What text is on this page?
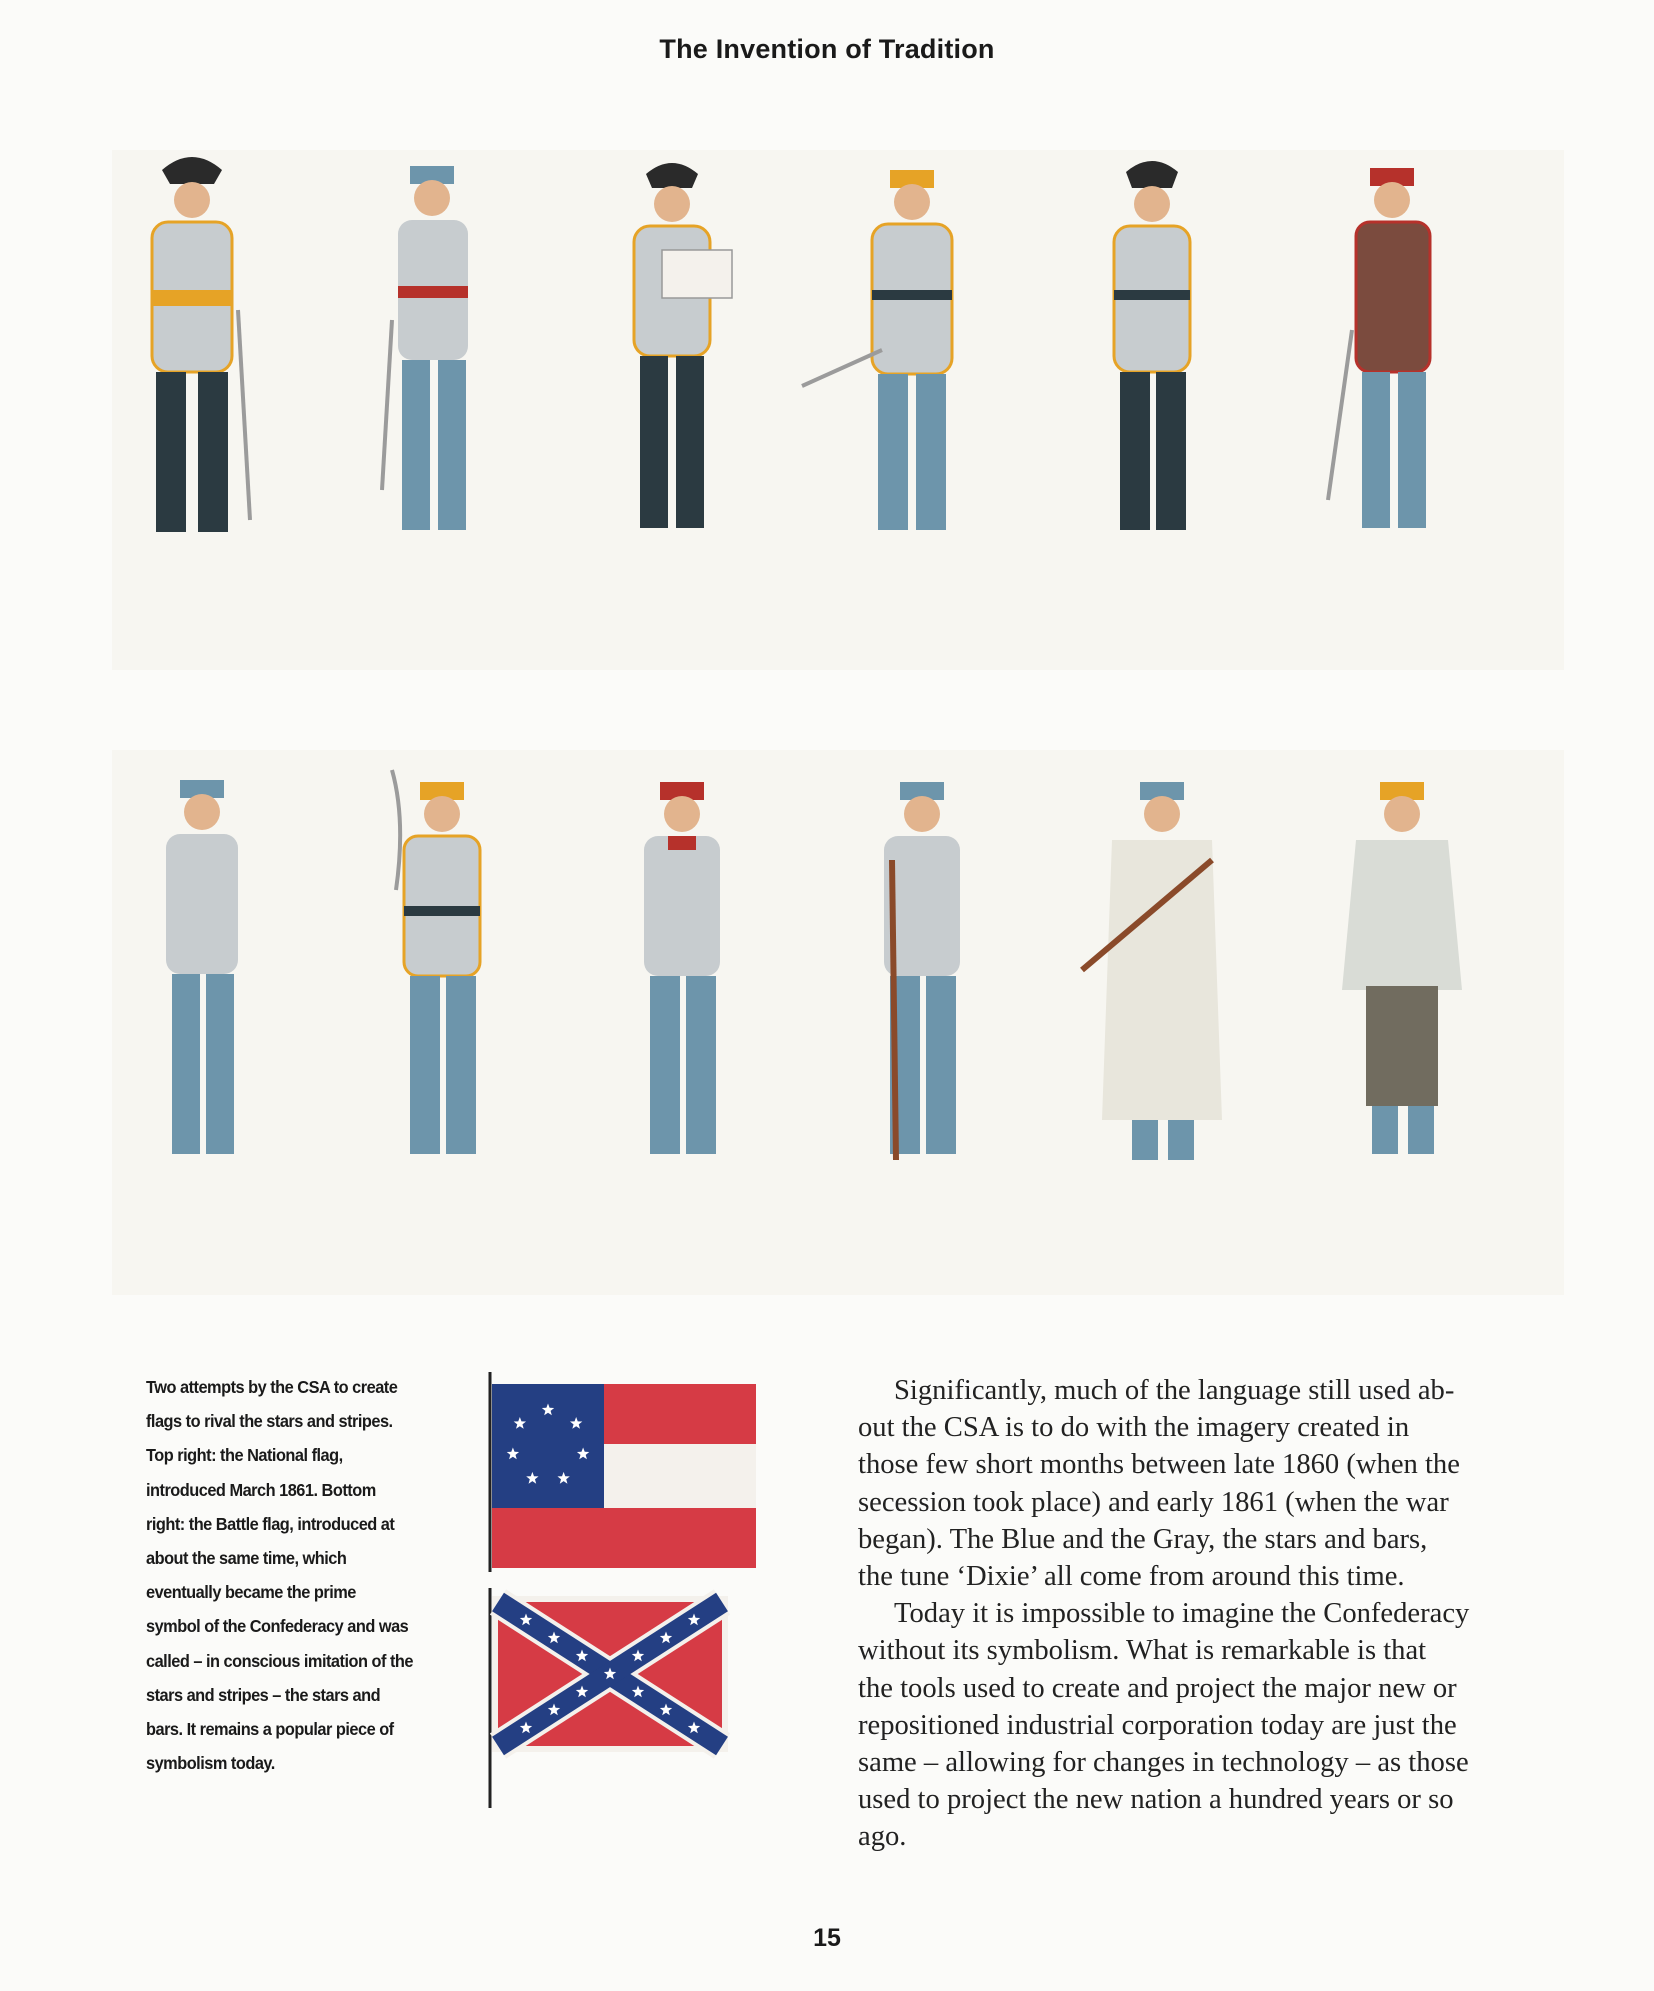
The Invention of Tradition
Two attempts by the CSA to create
flags to rival the stars and stripes.
Top right: the National flag,
introduced March 1861. Bottom
right: the Battle flag, introduced at
about the same time, which
eventually became the prime
symbol of the Confederacy and was
called – in conscious imitation of the
stars and stripes – the stars and
bars. It remains a popular piece of
symbolism today.

Significantly, much of the language still used ab-
out the CSA is to do with the imagery created in
those few short months between late 1860 (when the
secession took place) and early 1861 (when the war
began). The Blue and the Gray, the stars and bars,
the tune ‘Dixie’ all come from around this time.

Today it is impossible to imagine the Confederacy
without its symbolism. What is remarkable is that
the tools used to create and project the major new or
repositioned industrial corporation today are just the
same – allowing for changes in technology – as those
used to project the new nation a hundred years or so
ago.

15
